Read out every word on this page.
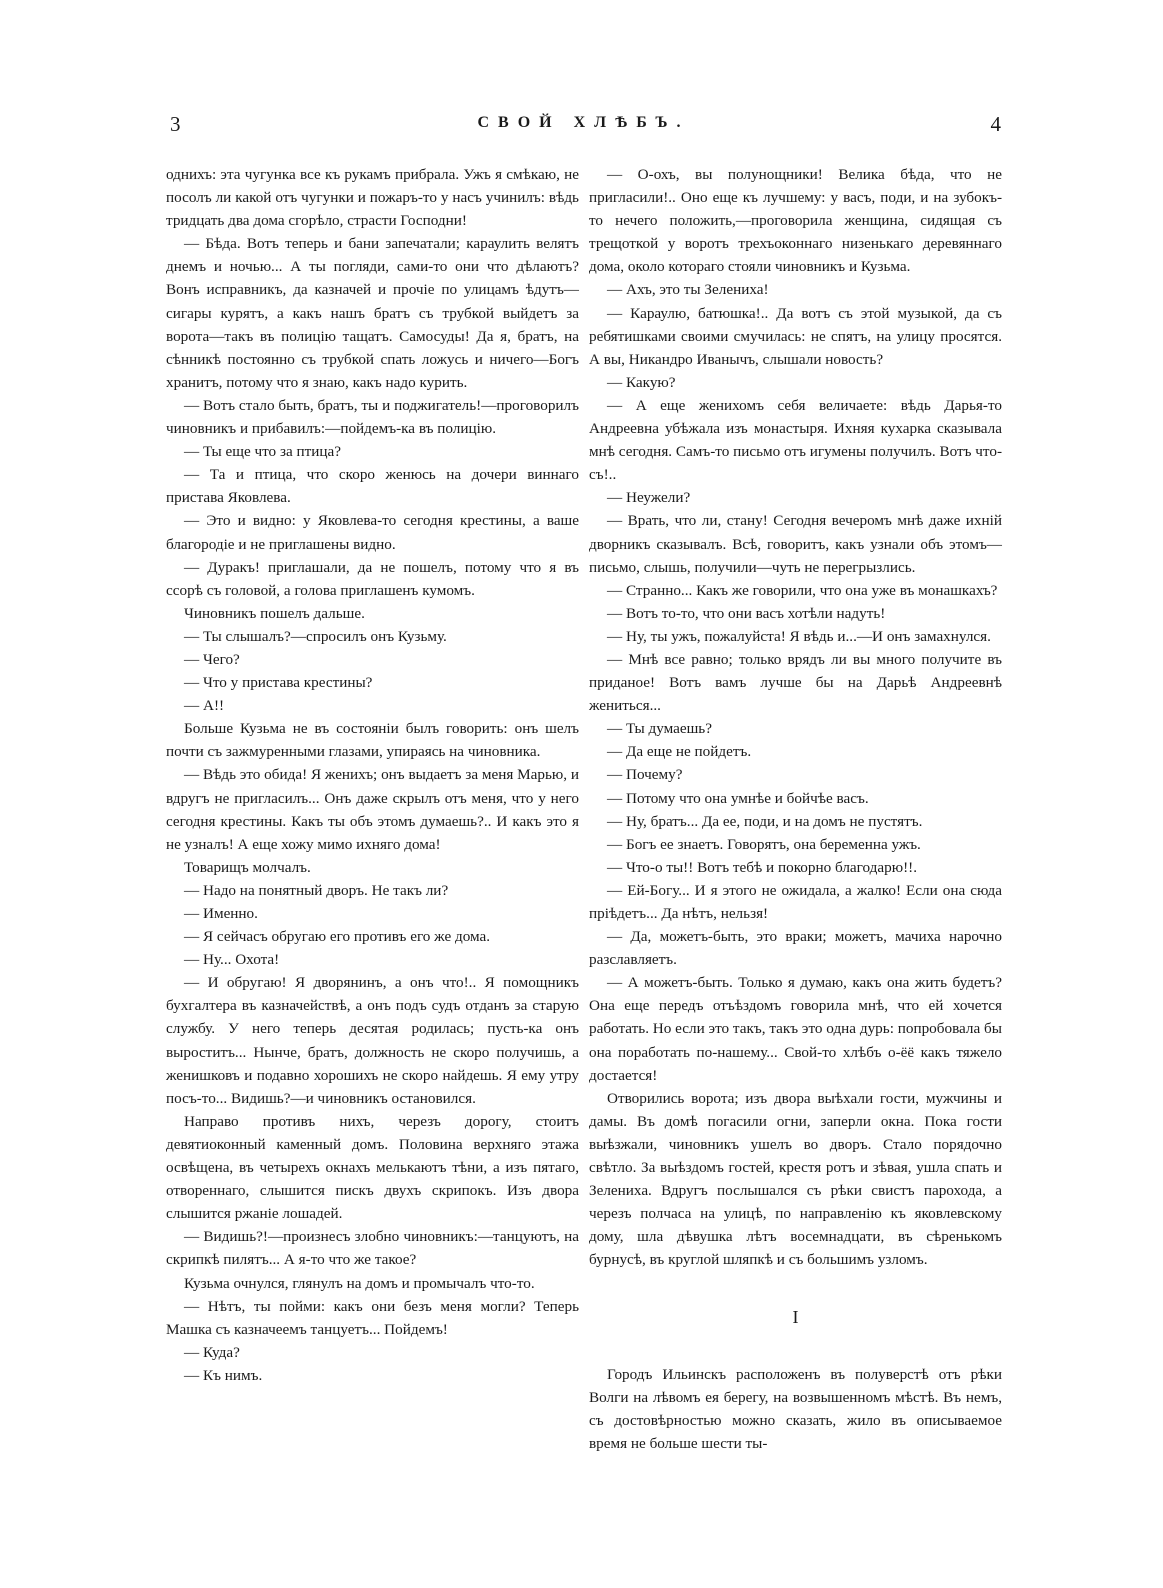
3	СВОЙ ХЛѢБЪ.	4

однихъ: эта чугунка все къ рукамъ прибрала. Ужъ я смѣкаю, не посолъ ли какой отъ чугунки и пожаръ-то у насъ учинилъ: вѣдь тридцать два дома сгорѣло, страсти Господни!

— Бѣда. Вотъ теперь и бани запечатали; караулить велятъ днемъ и ночью... А ты погляди, сами-то они что дѣлаютъ? Вонъ исправникъ, да казначей и прочіе по улицамъ ѣдутъ—сигары курятъ, а какъ нашъ братъ съ трубкой выйдетъ за ворота—такъ въ полицію тащатъ. Самосуды! Да я, братъ, на сѣнникѣ постоянно съ трубкой спать ложусь и ничего—Богъ хранитъ, потому что я знаю, какъ надо курить.

— Вотъ стало быть, братъ, ты и поджигатель!—проговорилъ чиновникъ и прибавилъ:—пойдемъ-ка въ полицію.

— Ты еще что за птица?

— Та и птица, что скоро женюсь на дочери виннаго пристава Яковлева.

— Это и видно: у Яковлева-то сегодня крестины, а ваше благородіе и не приглашены видно.

— Дуракъ! приглашали, да не пошелъ, потому что я въ ссорѣ съ головой, а голова приглашенъ кумомъ.

Чиновникъ пошелъ дальше.

— Ты слышалъ?—спросилъ онъ Кузьму.

— Чего?

— Что у пристава крестины?

— А!!

Больше Кузьма не въ состояніи былъ говорить: онъ шелъ почти съ зажмуренными глазами, упираясь на чиновника.

— Вѣдь это обида! Я женихъ; онъ выдаетъ за меня Марью, и вдругъ не пригласилъ... Онъ даже скрылъ отъ меня, что у него сегодня крестины. Какъ ты объ этомъ думаешь?.. И какъ это я не узналъ! А еще хожу мимо ихняго дома!

Товарищъ молчалъ.

— Надо на понятный дворъ. Не такъ ли?

— Именно.

— Я сейчасъ обругаю его противъ его же дома.

— Ну... Охота!

— И обругаю! Я дворянинъ, а онъ что!.. Я помощникъ бухгалтера въ казначействѣ, а онъ подъ судъ отданъ за старую службу. У него теперь десятая родилась; пусть-ка онъ выроститъ... Нынче, братъ, должность не скоро получишь, а женишковъ и подавно хорошихъ не скоро найдешь. Я ему утру посъ-то... Видишь?—и чиновникъ остановился.

Направо противъ нихъ, черезъ дорогу, стоитъ девятиоконный каменный домъ. Половина верхняго этажа освѣщена, въ четырехъ окнахъ мелькаютъ тѣни, а изъ пятаго, отвореннаго, слышится пискъ двухъ скрипокъ. Изъ двора слышится ржаніе лошадей.

— Видишь?!—произнесъ злобно чиновникъ:—танцуютъ, на скрипкѣ пилятъ... А я-то что же такое?

Кузьма очнулся, глянулъ на домъ и промычалъ что-то.

— Нѣтъ, ты пойми: какъ они безъ меня могли? Теперь Машка съ казначеемъ танцуетъ... Пойдемъ!

— Куда?

— Къ нимъ.

— О-охъ, вы полунощники! Велика бѣда, что не пригласили!.. Оно еще къ лучшему: у васъ, поди, и на зубокъ-то нечего положить,—проговорила женщина, сидящая съ трещоткой у воротъ трехъоконнаго низенькаго деревяннаго дома, около котораго стояли чиновникъ и Кузьма.

— Ахъ, это ты Зелениха!

— Караулю, батюшка!.. Да вотъ съ этой музыкой, да съ ребятишками своими смучилась: не спятъ, на улицу просятся. А вы, Никандро Иванычъ, слышали новость?

— Какую?

— А еще женихомъ себя величаете: вѣдь Дарья-то Андреевна убѣжала изъ монастыря. Ихняя кухарка сказывала мнѣ сегодня. Самъ-то письмо отъ игумены получилъ. Вотъ что-съ!..

— Неужели?

— Врать, что ли, стану! Сегодня вечеромъ мнѣ даже ихній дворникъ сказывалъ. Всѣ, говоритъ, какъ узнали объ этомъ—письмо, слышь, получили—чуть не перегрызлись.

— Странно... Какъ же говорили, что она уже въ монашкахъ?

— Вотъ то-то, что они васъ хотѣли надуть!

— Ну, ты ужъ, пожалуйста! Я вѣдь и...—И онъ замахнулся.

— Мнѣ все равно; только врядъ ли вы много получите въ приданое! Вотъ вамъ лучше бы на Дарьѣ Андреевнѣ жениться...

— Ты думаешь?

— Да еще не пойдетъ.

— Почему?

— Потому что она умнѣе и бойчѣе васъ.

— Ну, братъ... Да ее, поди, и на домъ не пустятъ.

— Богъ ее знаетъ. Говорятъ, она беременна ужъ.

— Что-о ты!! Вотъ тебѣ и покорно благодарю!!.

— Ей-Богу... И я этого не ожидала, а жалко! Если она сюда пріѣдетъ... Да нѣтъ, нельзя!

— Да, можетъ-быть, это враки; можетъ, мачиха нарочно разславляетъ.

— А можетъ-быть. Только я думаю, какъ она жить будетъ? Она еще передъ отъѣздомъ говорила мнѣ, что ей хочется работать. Но если это такъ, такъ это одна дурь: попробовала бы она поработать по-нашему... Свой-то хлѣбъ о-ёё какъ тяжело достается!

Отворились ворота; изъ двора выѣхали гости, мужчины и дамы. Въ домѣ погасили огни, заперли окна. Пока гости выѣзжали, чиновникъ ушелъ во дворъ. Стало порядочно свѣтло. За выѣздомъ гостей, крестя ротъ и зѣвая, ушла спать и Зелениха. Вдругъ послышался съ рѣки свистъ парохода, а черезъ полчаса на улицѣ, по направленію къ яковлевскому дому, шла дѣвушка лѣтъ восемнадцати, въ сѣренькомъ бурнусѣ, въ круглой шляпкѣ и съ большимъ узломъ.

I

Городъ Ильинскъ расположенъ въ полуверстѣ отъ рѣки Волги на лѣвомъ ея берегу, на возвышенномъ мѣстѣ. Въ немъ, съ достовѣрностью можно сказать, жило въ описываемое время не больше шести ты-
